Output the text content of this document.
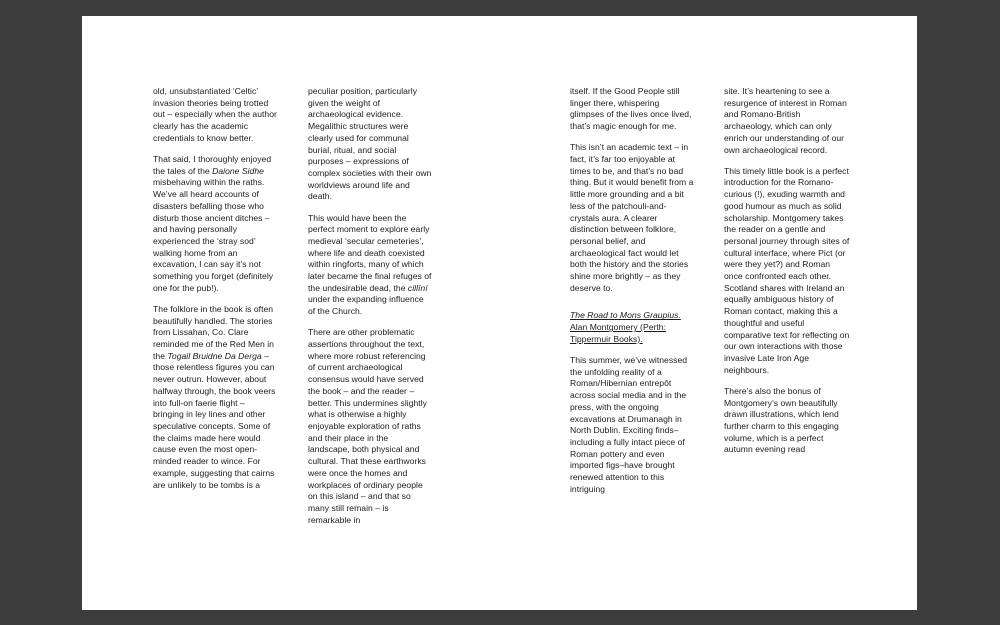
old, unsubstantiated ‘Celtic’ invasion theories being trotted out – especially when the author clearly has the academic credentials to know better.

That said, I thoroughly enjoyed the tales of the Daione Sidhe misbehaving within the raths. We’ve all heard accounts of disasters befalling those who disturb those ancient ditches – and having personally experienced the ‘stray sod’ walking home from an excavation, I can say it’s not something you forget (definitely one for the pub!).

The folklore in the book is often beautifully handled. The stories from Lissahan, Co. Clare reminded me of the Red Men in the Togail Bruidne Da Derga – those relentless figures you can never outrun. However, about halfway through, the book veers into full-on faerie flight – bringing in ley lines and other speculative concepts. Some of the claims made here would cause even the most open-minded reader to wince. For example, suggesting that cairns are unlikely to be tombs is a

peculiar position, particularly given the weight of archaeological evidence. Megalithic structures were clearly used for communal burial, ritual, and social purposes – expressions of complex societies with their own worldviews around life and death.

This would have been the perfect moment to explore early medieval ‘secular cemeteries’, where life and death coexisted within ringforts, many of which later became the final refuges of the undesirable dead, the cillíní under the expanding influence of the Church.

There are other problematic assertions throughout the text, where more robust referencing of current archaeological consensus would have served the book – and the reader – better. This undermines slightly what is otherwise a highly enjoyable exploration of raths and their place in the landscape, both physical and cultural. That these earthworks were once the homes and workplaces of ordinary people on this island – and that so many still remain – is remarkable in

itself. If the Good People still linger there, whispering glimpses of the lives once lived, that’s magic enough for me.

This isn’t an academic text – in fact, it’s far too enjoyable at times to be, and that’s no bad thing. But it would benefit from a little more grounding and a bit less of the patchouli-and-crystals aura. A clearer distinction between folklore, personal belief, and archaeological fact would let both the history and the stories shine more brightly – as they deserve to.

The Road to Mons Graupius.
Alan Montgomery (Perth: Tippermuir Books).

This summer, we’ve witnessed the unfolding reality of a Roman/Hibernian entrepôt across social media and in the press, with the ongoing excavations at Drumanagh in North Dublin. Exciting finds–including a fully intact piece of Roman pottery and even imported figs–have brought renewed attention to this intriguing

site. It’s heartening to see a resurgence of interest in Roman and Romano-British archaeology, which can only enrich our understanding of our own archaeological record.

This timely little book is a perfect introduction for the Romano-curious (!), exuding warmth and good humour as much as solid scholarship. Montgomery takes the reader on a gentle and personal journey through sites of cultural interface, where Pict (or were they yet?) and Roman once confronted each other. Scotland shares with Ireland an equally ambiguous history of Roman contact, making this a thoughtful and useful comparative text for reflecting on our own interactions with those invasive Late Iron Age neighbours.

There’s also the bonus of Montgomery’s own beautifully drawn illustrations, which lend further charm to this engaging volume, which is a perfect autumn evening read
